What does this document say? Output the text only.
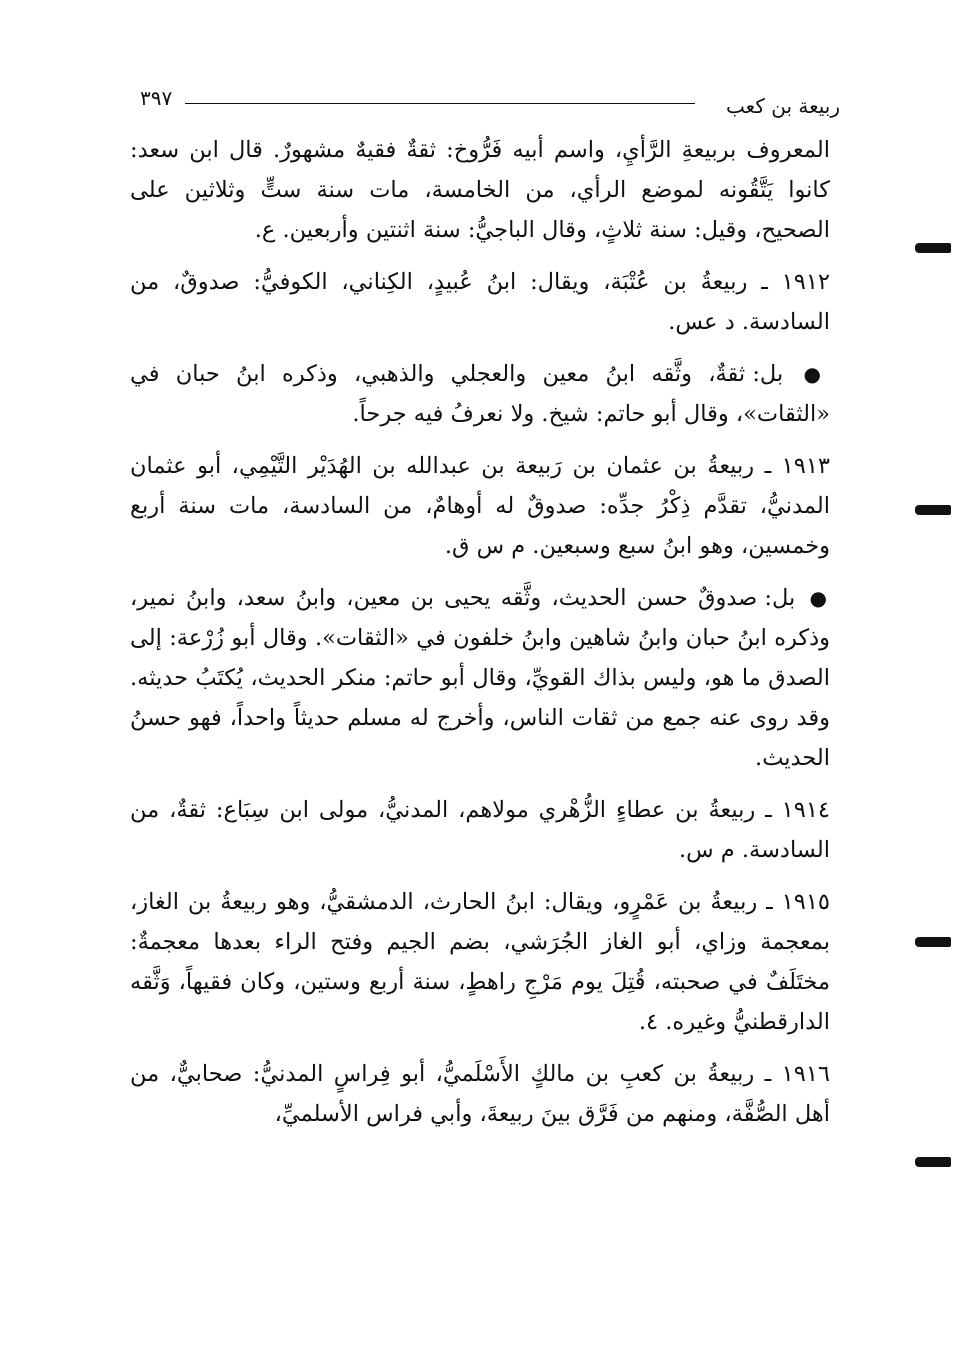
ربيعة بن كعب
٣٩٧

المعروف بربيعةِ الرَّأيِ، واسم أبيه فَرُّوخ: ثقةٌ فقيهٌ مشهورٌ. قال ابن سعد: كانوا يَتَّقُونه لموضع الرأي، من الخامسة، مات سنة ستٍّ وثلاثين على الصحيح، وقيل: سنة ثلاثٍ، وقال الباجيُّ: سنة اثنتين وأربعين. ع.

١٩١٢ ـ ربيعةُ بن عُتْبَة، ويقال: ابنُ عُبيدٍ، الكِناني، الكوفيُّ: صدوقٌ، من السادسة. د عس.

● بل: ثقةٌ، وثَّقه ابنُ معين والعجلي والذهبي، وذكره ابنُ حبان في «الثقات»، وقال أبو حاتم: شيخ. ولا نعرفُ فيه جرحاً.

١٩١٣ ـ ربيعةُ بن عثمان بن رَبيعة بن عبدالله بن الهُدَيْر التَّيْمِي، أبو عثمان المدنيُّ، تقدَّم ذِكْرُ جدِّه: صدوقٌ له أوهامٌ، من السادسة، مات سنة أربع وخمسين، وهو ابنُ سبع وسبعين. م س ق.

● بل: صدوقٌ حسن الحديث، وثَّقه يحيى بن معين، وابنُ سعد، وابنُ نمير، وذكره ابنُ حبان وابنُ شاهين وابنُ خلفون في «الثقات». وقال أبو زُرْعة: إلى الصدق ما هو، وليس بذاك القويِّ، وقال أبو حاتم: منكر الحديث، يُكتَبُ حديثه. وقد روى عنه جمع من ثقات الناس، وأخرج له مسلم حديثاً واحداً، فهو حسنُ الحديث.

١٩١٤ ـ ربيعةُ بن عطاءٍ الزُّهْري مولاهم، المدنيُّ، مولى ابن سِبَاع: ثقةٌ، من السادسة. م س.

١٩١٥ ـ ربيعةُ بن عَمْرٍو، ويقال: ابنُ الحارث، الدمشقيُّ، وهو ربيعةُ بن الغاز، بمعجمة وزاي، أبو الغاز الجُرَشي، بضم الجيم وفتح الراء بعدها معجمةٌ: مختَلَفٌ في صحبته، قُتِلَ يوم مَرْجِ راهطٍ، سنة أربع وستين، وكان فقيهاً، وَثَّقه الدارقطنيُّ وغيره. ٤.

١٩١٦ ـ ربيعةُ بن كعبِ بن مالكٍ الأَسْلَميُّ، أبو فِراسٍ المدنيُّ: صحابيٌّ، من أهل الصُّفَّة، ومنهم من فَرَّق بينَ ربيعةَ، وأبي فراس الأسلميِّ،
